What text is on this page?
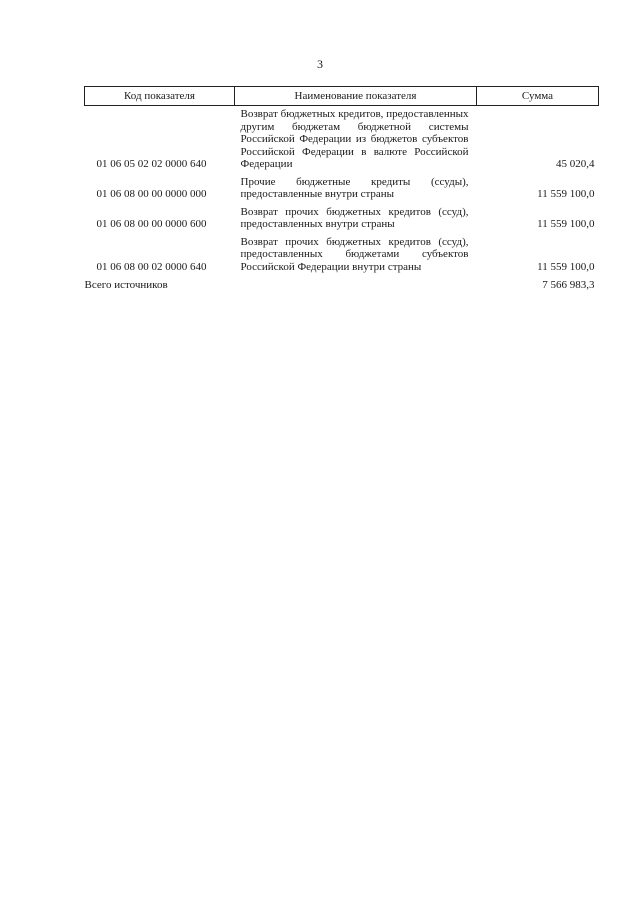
3
Код показателя	Наименование показателя	Сумма
01 06 05 02 02 0000 640	Возврат бюджетных кредитов, предоставленных другим бюджетам бюджетной системы Российской Федерации из бюджетов субъектов Российской Федерации в валюте Российской Федерации	45 020,4
01 06 08 00 00 0000 000	Прочие бюджетные кредиты (ссуды), предоставленные внутри страны	11 559 100,0
01 06 08 00 00 0000 600	Возврат прочих бюджетных кредитов (ссуд), предоставленных внутри страны	11 559 100,0
01 06 08 00 02 0000 640	Возврат прочих бюджетных кредитов (ссуд), предоставленных бюджетами субъектов Российской Федерации внутри страны	11 559 100,0
Всего источников		7 566 983,3
